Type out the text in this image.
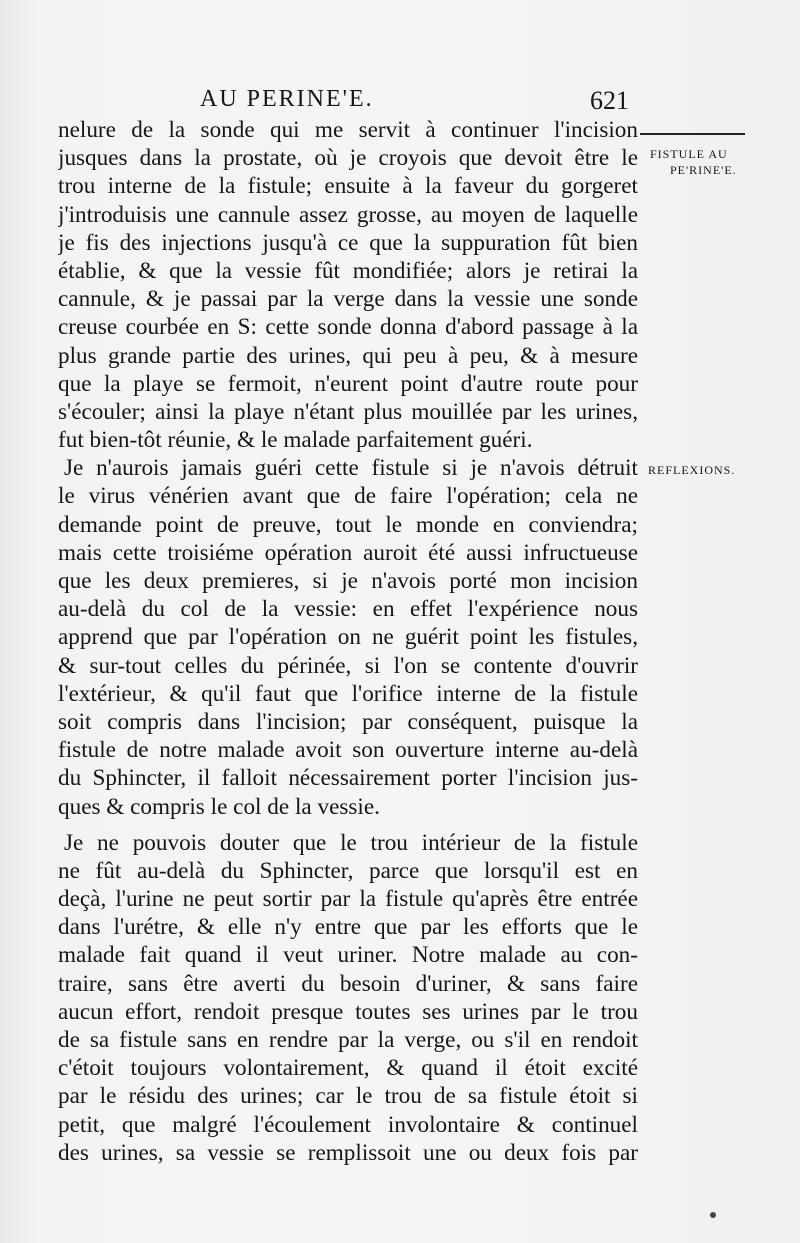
AU PERINE'E.	621
FISTULE AU
PE'RINE'E.
REFLEXIONS.
nelure de la sonde qui me servit à continuer l'incision
jusques dans la prostate, où je croyois que devoit être le
trou interne de la fistule; ensuite à la faveur du gorgeret
j'introduisis une cannule assez grosse, au moyen de laquelle
je fis des injections jusqu'à ce que la suppuration fût bien
établie, & que la vessie fût mondifiée; alors je retirai la
cannule, & je passai par la verge dans la vessie une sonde
creuse courbée en S: cette sonde donna d'abord passage à la
plus grande partie des urines, qui peu à peu, & à mesure
que la playe se fermoit, n'eurent point d'autre route pour
s'écouler; ainsi la playe n'étant plus mouillée par les urines,
fut bien-tôt réunie, & le malade parfaitement guéri.
Je n'aurois jamais guéri cette fistule si je n'avois détruit
le virus vénérien avant que de faire l'opération; cela ne
demande point de preuve, tout le monde en conviendra;
mais cette troisiéme opération auroit été aussi infructueuse
que les deux premieres, si je n'avois porté mon incision
au-delà du col de la vessie: en effet l'expérience nous
apprend que par l'opération on ne guérit point les fistules,
& sur-tout celles du périnée, si l'on se contente d'ouvrir
l'extérieur, & qu'il faut que l'orifice interne de la fistule
soit compris dans l'incision; par conséquent, puisque la
fistule de notre malade avoit son ouverture interne au-delà
du Sphincter, il falloit nécessairement porter l'incision jus-
ques & compris le col de la vessie.
Je ne pouvois douter que le trou intérieur de la fistule
ne fût au-delà du Sphincter, parce que lorsqu'il est en
deçà, l'urine ne peut sortir par la fistule qu'après être entrée
dans l'urétre, & elle n'y entre que par les efforts que le
malade fait quand il veut uriner. Notre malade au con-
traire, sans être averti du besoin d'uriner, & sans faire
aucun effort, rendoit presque toutes ses urines par le trou
de sa fistule sans en rendre par la verge, ou s'il en rendoit
c'étoit toujours volontairement, & quand il étoit excité
par le résidu des urines; car le trou de sa fistule étoit si
petit, que malgré l'écoulement involontaire & continuel
des urines, sa vessie se remplissoit une ou deux fois par
